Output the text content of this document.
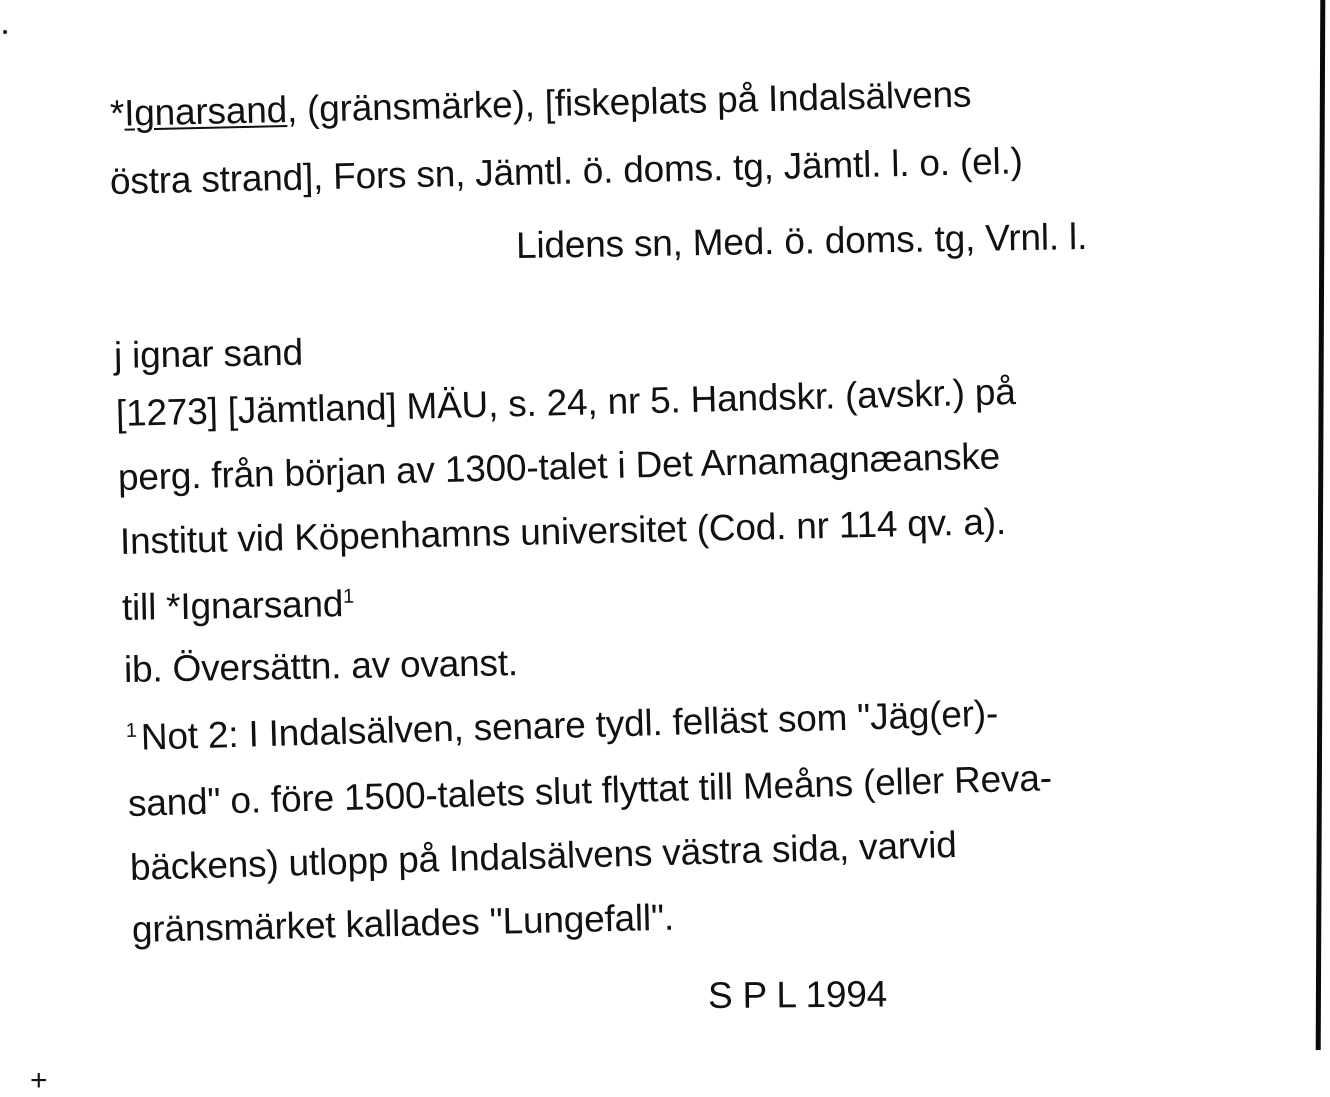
*Ignarsand, (gränsmärke), [fiskeplats på Indalsälvens
östra strand], Fors sn, Jämtl. ö. doms. tg, Jämtl. l. o. (el.)
Lidens sn, Med. ö. doms. tg, Vrnl. l.
j ignar sand
[1273] [Jämtland] MÄU, s. 24, nr 5. Handskr. (avskr.) på
perg. från början av 1300-talet i Det Arnamagnæanske
Institut vid Köpenhamns universitet (Cod. nr 114 qv. a).
till *Ignarsand$^1$
ib. Översättn. av ovanst.
$^1$Not 2: I Indalsälven, senare tydl. felläst som "Jäg(er)-
sand" o. före 1500-talets slut flyttat till Meåns (eller Reva-
bäckens) utlopp på Indalsälvens västra sida, varvid
gränsmärket kallades "Lungefall".
S P L 1994
+
